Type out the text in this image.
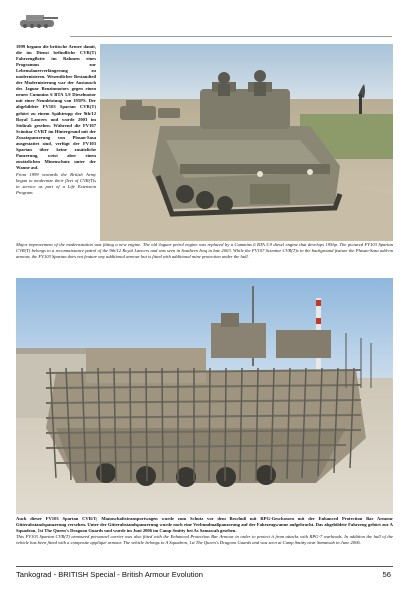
1999 begann die britische Armee damit, die im Dienst befindliche CVR(T) Fahrzeugflotte im Rahmen eines Programms zur Lebensdauerverlängerung zu modernisieren. Wesentlicher Bestandteil der Modernisierung war der Austausch des Jaguar Benzinmotors gegen einen neuen Cummins 6 BTA 5.9 Dieselmotor mit einer Nennleistung von 195PS. Der abgebildete FV103 Spartan CVR(T) gehört zu einem Spähtrupp der 9th/12 Royal Lancers und wurde 2003 im Südirak gesehen. Während die FV107 Scimitar CVRT im Hintergrund mit der Zusatzpanzerung von Plasan-Sasa ausgestattet sind, verfügt der FV103 Spartan über keine zusätzliche Panzerung, weist aber einen zusätzlichen Minenschutz unter der Wanne auf.

From 1999 onwards the British Army began to modernize their fleet of CVR(T)s in service as part of a Life Extension Program.

Major improvement of the modernization was fitting a new engine. The old Jaguar petrol engine was replaced by a Cummins 6 BTA 5.9 diesel engine that develops 195hp. The pictured FV103 Spartan CVR(T) belongs to a reconnaissance patrol of the 9th/12 Royal Lancers and was seen in Southern Iraq in late 2003. While the FV107 Scimitar CVR(T)s in the background feature the Plasan-Sasa add-on armour, the FV103 Spartan does not feature any additional armour but is fitted with additional mine protection under the hull.

Auch dieser FV103 Spartan CVR/T; Mannschaftstransportwagen wurde zum Schutz vor dem Beschuß mit RPG-Geschossen mit der Enhanced Protection Bar Armour Gitterabstandspanzerung versehen. Unter der Gitterabstandspanzerung wurde noch eine Verbundmaßpanzerung auf der Fahrzeugwanne aufgebracht. Das abgebildete Fahrzeug gehört zur A Squadron, 1st The Queen's Dragoon Guards und wurde im Juni 2006 im Camp Smitty bei As Samawah gesehen.

This FV103 Spartan CVR(T) armoured personnel carrier was also fitted with the Enhanced Protection Bar Armour in order to protect it from attacks with RPG-7 warheads. In addition the hull of the vehicle has been fitted with a composite appliqué armour. The vehicle belongs to A Squadron, 1st The Queen's Dragoon Guards and was seen at Camp Smitty near Samawah in June 2006.

Tankograd - BRITISH Special - British Armour Evolution	56
